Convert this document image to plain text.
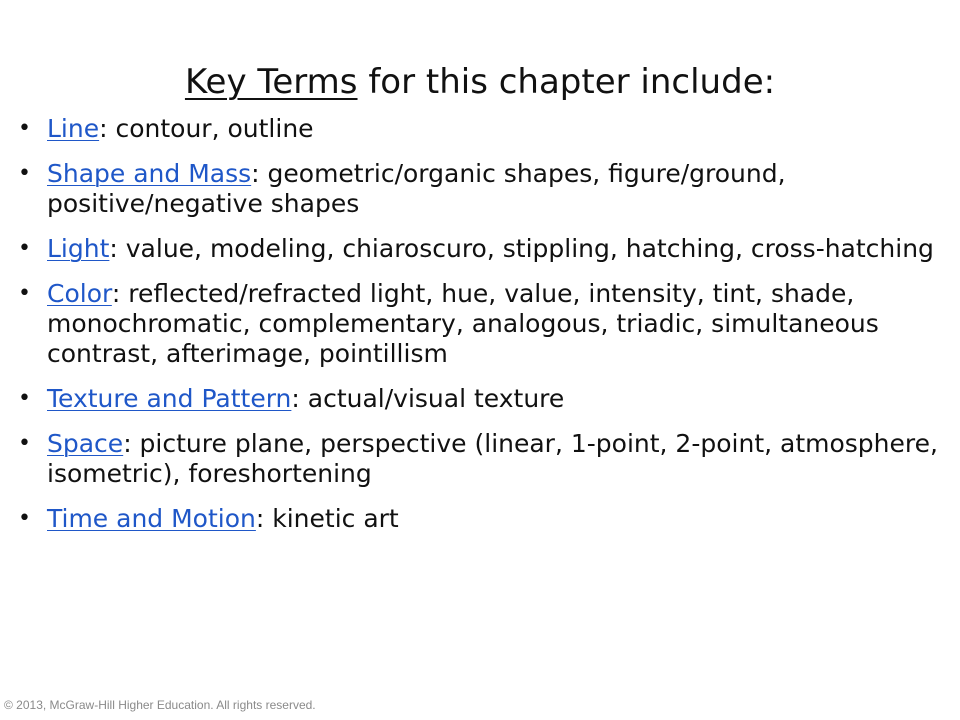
Key Terms for this chapter include:
• Line: contour, outline
• Shape and Mass: geometric/organic shapes, figure/ground, positive/negative shapes
• Light: value, modeling, chiaroscuro, stippling, hatching, cross-hatching
• Color: reflected/refracted light, hue, value, intensity, tint, shade, monochromatic, complementary, analogous, triadic, simultaneous contrast, afterimage, pointillism
• Texture and Pattern: actual/visual texture
• Space: picture plane, perspective (linear, 1-point, 2-point, atmosphere, isometric), foreshortening
• Time and Motion: kinetic art
© 2013, McGraw-Hill Higher Education. All rights reserved.
